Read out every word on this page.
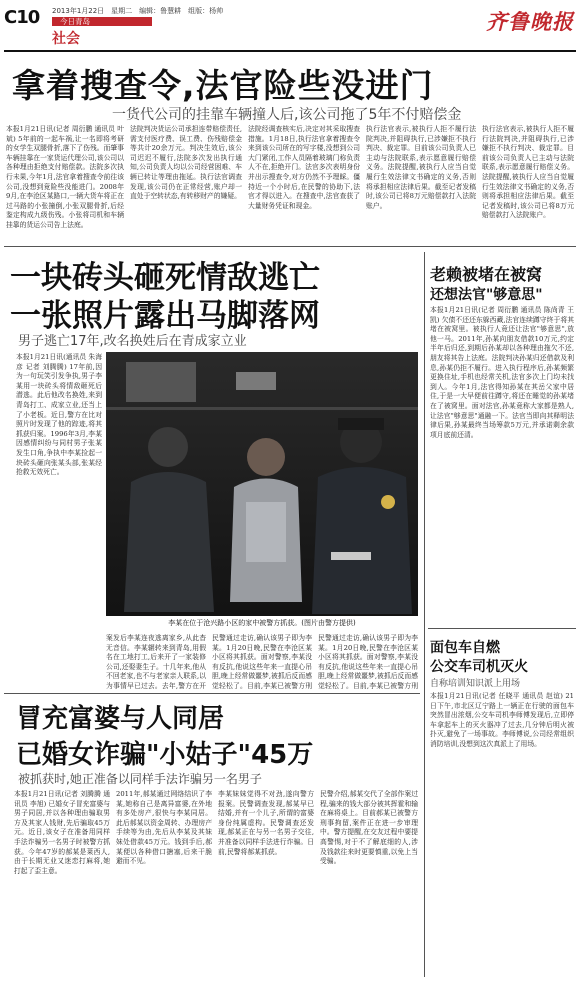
C10 2013年1月22日　星期二　编辑：鲁慧耕　组版：杨帅
今日青岛
社会
齐鲁晚报
拿着搜查令,法官险些没进门
一货代公司的挂靠车辆撞人后,该公司拖了5年不付赔偿金
本报1月21日讯(记者 周衍鹏 通讯员 叶斌) 5年前的一起车祸,让一名即将考研的女学生双腿骨折,落下了伤残。而肇事车辆挂靠在一家货运代理公司,该公司以各种理由拒绝支付赔偿款。法院多次执行未果,今年1月,法官拿着搜查令前往该公司,没想到竟险些没能进门。2008年9月,在李沧区某路口,一辆大货车将正在过马路的小张撞倒,小张双腿骨折,后经鉴定构成九级伤残。小张将司机和车辆挂靠的货运公司告上法庭。
法院判决货运公司承担连带赔偿责任,需支付医疗费、误工费、伤残赔偿金等共计20余万元。判决生效后,该公司迟迟不履行,法院多次发出执行通知,公司负责人均以公司经营困难、车辆已转让等理由拖延。执行法官调查发现,该公司仍在正常经营,账户却一直处于空转状态,有转移财产的嫌疑。
法院经调查核实后,决定对其采取搜查措施。1月18日,执行法官拿着搜查令来到该公司所在的写字楼,没想到公司大门紧闭,工作人员隔着玻璃门称负责人不在,拒绝开门。法官多次表明身份并出示搜查令,对方仍然不予理睬。僵持近一个小时后,在民警的协助下,法官才得以进入。在搜查中,法官查获了大量财务凭证和现金。
执行法官表示,被执行人拒不履行法院判决,并阻碍执行,已涉嫌拒不执行判决、裁定罪。目前该公司负责人已主动与法院联系,表示愿意履行赔偿义务。法院提醒,被执行人应当自觉履行生效法律文书确定的义务,否则将承担相应法律后果。截至记者发稿时,该公司已将8万元赔偿款打入法院账户。
执行法官表示,被执行人拒不履行法院判决,并阻碍执行,已涉嫌拒不执行判决、裁定罪。目前该公司负责人已主动与法院联系,表示愿意履行赔偿义务。法院提醒,被执行人应当自觉履行生效法律文书确定的义务,否则将承担相应法律后果。截至记者发稿时,该公司已将8万元赔偿款打入法院账户。
一块砖头砸死情敌逃亡
一张照片露出马脚落网
男子逃亡17年,改名换姓后在青成家立业
本报1月21日讯(通讯员 朱海彦 记者 刘腾腾) 17年前,因为一句玩笑引发争执,男子李某用一块砖头将情敌砸死后潜逃。此后他改名换姓,来到青岛打工、成家立业,还当上了小老板。近日,警方在比对照片时发现了他的踪迹,将其抓获归案。1996年3月,李某因感情纠纷与同村男子张某发生口角,争执中李某捡起一块砖头砸向张某头部,张某经抢救无效死亡。
李某在位于沧兴路小区的家中被警方抓获。(图片由警方提供)
案发后李某连夜逃离家乡,从此杳无音信。李某辗转来到青岛,用假名在工地打工,后来开了一家装修公司,还娶妻生子。十几年来,他从不回老家,也不与老家亲人联系,以为事情早已过去。去年,警方在开
民警通过走访,确认该男子即为李某。1月20日晚,民警在李沧区某小区将其抓获。面对警察,李某没有反抗,他说这些年来一直提心吊胆,晚上经常做噩梦,被抓后反而感觉轻松了。目前,李某已被警方刑
民警通过走访,确认该男子即为李某。1月20日晚,民警在李沧区某小区将其抓获。面对警察,李某没有反抗,他说这些年来一直提心吊胆,晚上经常做噩梦,被抓后反而感觉轻松了。目前,李某已被警方刑
老赖被堵在被窝
还想法官"够意思"
本报1月21日讯(记者 周衍鹏 通讯员 陈尚青 王凯) 欠债不还还东躲西藏,法官连续蹲守终于将其堵在被窝里。被执行人竟还让法官"够意思",放他一马。2011年,孙某向朋友借款10万元,约定半年后归还,到期后孙某却以各种理由拖欠不还,朋友将其告上法庭。法院判决孙某归还借款及利息,孙某仍拒不履行。进入执行程序后,孙某频繁更换住址,手机也经常关机,法官多次上门均未找到人。今年1月,法官得知孙某在其岳父家中居住,于是一大早便前往蹲守,将还在睡觉的孙某堵在了被窝里。面对法官,孙某竟称大家都是熟人,让法官"够意思"通融一下。法官当即向其释明法律后果,孙某最终当场筹款5万元,并承诺剩余款项月底前还清。
面包车自燃
公交车司机灭火
自称培训知识派上用场
本报1月21日讯(记者 任晓平 通讯员 赵谊) 21日下午,市北区辽宁路上一辆正在行驶的面包车突然冒出浓烟,公交车司机李师傅发现后,立即停车拿起车上的灭火器冲了过去,几分钟后明火被扑灭,避免了一场事故。李师傅说,公司经常组织消防培训,没想到这次真派上了用场。
冒充富婆与人同居
已婚女诈骗"小姑子"45万
被抓获时,她正准备以同样手法诈骗另一名男子
本报1月21日讯(记者 刘腾腾 通讯员 李旭) 已婚女子冒充富婆与男子同居,并以各种理由骗取男方及其家人钱财,先后骗取45万元。近日,该女子在准备用同样手法诈骗另一名男子时被警方抓获。今年47岁的郝某是莱西人,由于长期无业又迷恋打麻将,她打起了歪主意。
2011年,郝某通过网络结识了李某,她称自己是离异富婆,在外地有多处房产,很快与李某同居。此后郝某以资金周转、办理房产手续等为由,先后从李某及其妹妹处借款45万元。钱到手后,郝某便以各种借口搪塞,后来干脆避而不见。
李某妹妹觉得不对劲,遂向警方报案。民警调查发现,郝某早已结婚,并有一个儿子,所谓的富婆身份纯属虚构。民警调查还发现,郝某正在与另一名男子交往,并准备以同样手法进行诈骗。日前,民警将郝某抓获。
民警介绍,郝某交代了全部作案过程,骗来的钱大部分被其挥霍和输在麻将桌上。目前郝某已被警方刑事拘留,案件正在进一步审理中。警方提醒,在交友过程中要提高警惕,对于不了解底细的人,涉及钱款往来时更要慎重,以免上当受骗。
